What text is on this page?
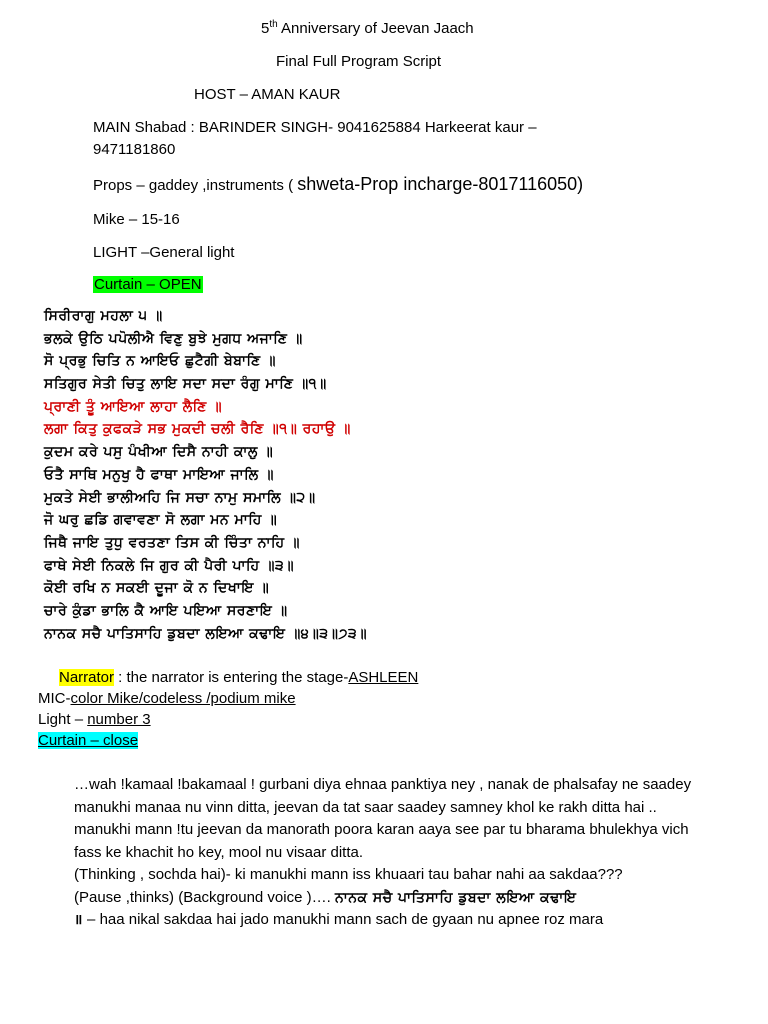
5th Anniversary of Jeevan Jaach
Final Full Program Script
HOST – AMAN KAUR
MAIN Shabad : BARINDER SINGH- 9041625884 Harkeerat kaur –
9471181860
Props – gaddey ,instruments ( shweta-Prop incharge-8017116050)
Mike – 15-16
LIGHT –General light
Curtain – OPEN
ਸਿਰੀਰਾਗੁ ਮਹਲਾ ੫ ॥
ਭਲਕੇ ਉਠਿ ਪਪੋਲੀਐ ਵਿਣੁ ਬੁਝੇ ਮੁਗਧ ਅਜਾਣਿ ॥
ਸੋ ਪ੍ਰਭੁ ਚਿਤਿ ਨ ਆਇਓ ਛੁਟੈਗੀ ਬੇਬਾਣਿ ॥
ਸਤਿਗੁਰ ਸੇਤੀ ਚਿਤੁ ਲਾਇ ਸਦਾ ਸਦਾ ਰੰਗੁ ਮਾਣਿ ॥੧॥
ਪ੍ਰਾਣੀ ਤੂੰ ਆਇਆ ਲਾਹਾ ਲੈਣਿ ॥
ਲਗਾ ਕਿਤੁ ਕੁਫਕੜੇ ਸਭ ਮੁਕਦੀ ਚਲੀ ਰੈਣਿ ॥੧॥ ਰਹਾਉ ॥
ਕੁਦਮ ਕਰੇ ਪਸੁ ਪੰਖੀਆ ਦਿਸੈ ਨਾਹੀ ਕਾਲੁ ॥
ਓਤੈ ਸਾਥਿ ਮਨੁਖੁ ਹੈ ਫਾਥਾ ਮਾਇਆ ਜਾਲਿ ॥
ਮੁਕਤੇ ਸੇਈ ਭਾਲੀਅਹਿ ਜਿ ਸਚਾ ਨਾਮੁ ਸਮਾਲਿ ॥੨॥
ਜੋ ਘਰੁ ਛਡਿ ਗਵਾਵਣਾ ਸੋ ਲਗਾ ਮਨ ਮਾਹਿ ॥
ਜਿਥੈ ਜਾਇ ਤੁਧੁ ਵਰਤਣਾ ਤਿਸ ਕੀ ਚਿੰਤਾ ਨਾਹਿ ॥
ਫਾਥੇ ਸੇਈ ਨਿਕਲੇ ਜਿ ਗੁਰ ਕੀ ਪੈਰੀ ਪਾਹਿ ॥੩॥
ਕੋਈ ਰਖਿ ਨ ਸਕਈ ਦੂਜਾ ਕੋ ਨ ਦਿਖਾਇ ॥
ਚਾਰੇ ਕੁੰਡਾ ਭਾਲਿ ਕੈ ਆਇ ਪਇਆ ਸਰਣਾਇ ॥
ਨਾਨਕ ਸਚੈ ਪਾਤਿਸਾਹਿ ਡੁਬਦਾ ਲਇਆ ਕਢਾਇ ॥੪॥੩॥੭੩॥
Narrator : the narrator is entering the stage-ASHLEEN
MIC-color Mike/codeless /podium mike
Light – number 3
Curtain – close

…wah !kamaal !bakamaal ! gurbani diya ehnaa panktiya ney , nanak de phalsafay ne saadey manukhi manaa nu vinn ditta, jeevan da tat saar saadey samney khol ke rakh ditta hai .. manukhi mann !tu jeevan da manorath poora karan aaya see par tu bharama bhulekhya vich fass ke khachit ho key, mool nu visaar ditta.

(Thinking , sochda hai)- ki manukhi mann iss khuaari tau bahar nahi aa sakdaa???

(Pause ,thinks) (Background voice )…. ਨਾਨਕ ਸਚੈ ਪਾਤਿਸਾਹਿ ਡੁਬਦਾ ਲਇਆ ਕਢਾਇ

॥ – haa nikal sakdaa hai jado manukhi mann sach de gyaan nu apnee roz mara
